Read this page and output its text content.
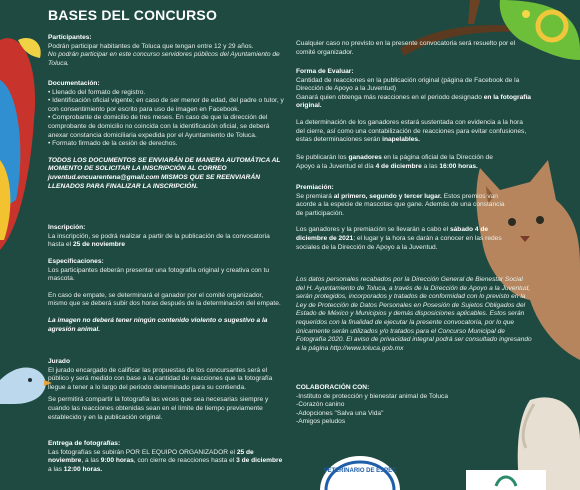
BASES DEL CONCURSO

Participantes:

Podrán participar habitantes de Toluca que tengan entre 12 y 29 años.

No podrán participar en este concurso servidores públicos del Ayuntamiento de Toluca.

Documentación:

• Llenado del formato de registro.

• Identificación oficial vigente; en caso de ser menor de edad, del padre o tutor, y con consentimiento por escrito para uso de imagen en Facebook.

• Comprobante de domicilio de tres meses. En caso de que la dirección del comprobante de domicilio no coincida con la identificación oficial, se deberá anexar constancia domiciliaria expedida por el Ayuntamiento de Toluca.

• Formato firmado de la cesión de derechos.

TODOS LOS DOCUMENTOS SE ENVIARÁN DE MANERA AUTOMÁTICA AL MOMENTO DE SOLICITAR LA INSCRIPCIÓN AL CORREO juventud.encuarentena@gmail.com MISMOS QUE SE REENVIARÁN LLENADOS PARA FINALIZAR LA INSCRIPCIÓN.

Inscripción:

La inscripción, se podrá realizar a partir de la publicación de la convocatoria hasta el 25 de noviembre

Especificaciones:

Los participantes deberán presentar una fotografía original y creativa con tu mascota.

En caso de empate, se determinará el ganador por el comité organizador, mismo que se deberá subir dos horas después de la determinación del empate.

La imagen no deberá tener ningún contenido violento o sugestivo a la agresión animal.

Jurado

El jurado encargado de calificar las propuestas de los concursantes será el público y será medido con base a la cantidad de reacciones que la fotografía llegue a tener a lo largo del periodo determinado para su contienda.

Se permitirá compartir la fotografía las veces que sea necesarias siempre y cuando las reacciones obtenidas sean en el límite de tiempo previamente establecido y en la publicación original.

Entrega de fotografías:

Las fotografías se subirán POR EL EQUIPO ORGANIZADOR el 25 de noviembre, a las 9:00 horas, con cierre de reacciones hasta el 3 de diciembre a las 12:00 horas.

Cualquier caso no previsto en la presente convocatoria será resuelto por el comité organizador.

Forma de Evaluar:

Cantidad de reacciones en la publicación original (página de Facebook de la Dirección de Apoyo a la Juventud)

Ganará quien obtenga más reacciones en el periodo designado en la fotografía original.

La determinación de los ganadores estará sustentada con evidencia a la hora del cierre, así como una contabilización de reacciones para evitar confusiones, estas determinaciones serán inapelables.

Se publicarán los ganadores en la página oficial de la Dirección de Apoyo a la Juventud el día 4 de diciembre a las 16:00 horas.

Premiación:

Se premiará al primero, segundo y tercer lugar. Estos premios van acorde a la especie de mascotas que gane. Además de una constancia de participación.

Los ganadores y la premiación se llevarán a cabo el sábado 4 de diciembre de 2021; el lugar y la hora se darán a conocer en las redes sociales de la Dirección de Apoyo a la Juventud.

Los datos personales recabados por la Dirección General de Bienestar Social del H. Ayuntamiento de Toluca, a través de la Dirección de Apoyo a la Juventud, serán protegidos, incorporados y tratados de conformidad con lo previsto en la Ley de Protección de Datos Personales en Posesión de Sujetos Obligados del Estado de México y Municipios y demás disposiciones aplicables. Estos serán requeridos con la finalidad de ejecutar la presente convocatoria, por lo que únicamente serán utilizados y/o tratados para el Concurso Municipal de Fotografía 2020. El aviso de privacidad integral podrá ser consultado ingresando a la página http://www.toluca.gob.mx

COLABORACIÓN CON:

-Instituto de protección y bienestar animal de Toluca

-Corazón canino

-Adopciones "Salva una Vida"

-Amigos peludos

VETERINARIO DE ESPEC
